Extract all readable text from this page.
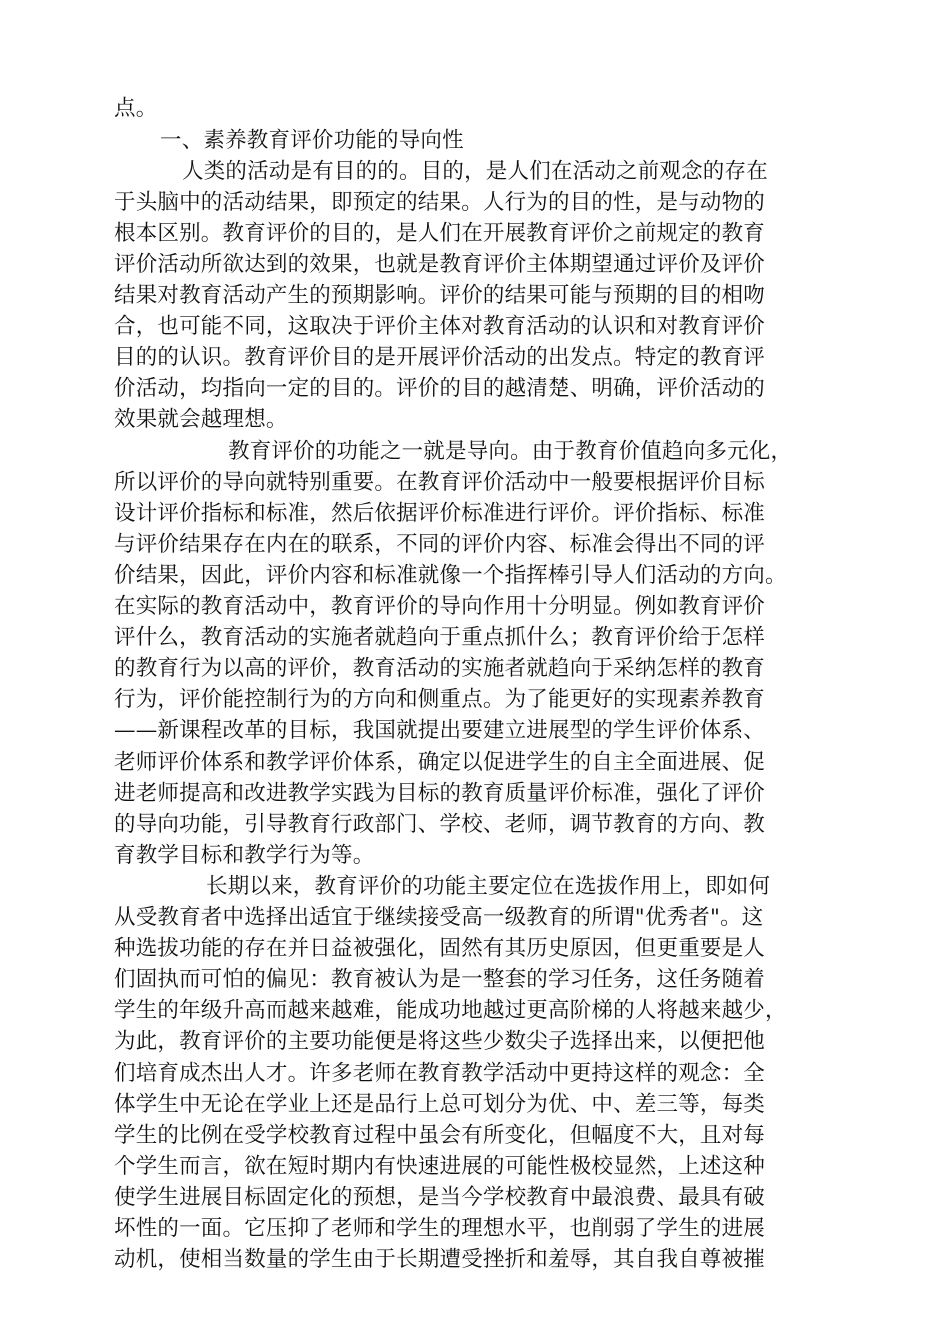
点。
一、素养教育评价功能的导向性
人类的活动是有目的的。目的，是人们在活动之前观念的存在
于头脑中的活动结果，即预定的结果。人行为的目的性，是与动物的
根本区别。教育评价的目的，是人们在开展教育评价之前规定的教育
评价活动所欲达到的效果，也就是教育评价主体期望通过评价及评价
结果对教育活动产生的预期影响。评价的结果可能与预期的目的相吻
合，也可能不同，这取决于评价主体对教育活动的认识和对教育评价
目的的认识。教育评价目的是开展评价活动的出发点。特定的教育评
价活动，均指向一定的目的。评价的目的越清楚、明确，评价活动的
效果就会越理想。
教育评价的功能之一就是导向。由于教育价值趋向多元化，
所以评价的导向就特别重要。在教育评价活动中一般要根据评价目标
设计评价指标和标准，然后依据评价标准进行评价。评价指标、标准
与评价结果存在内在的联系，不同的评价内容、标准会得出不同的评
价结果，因此，评价内容和标准就像一个指挥棒引导人们活动的方向。
在实际的教育活动中，教育评价的导向作用十分明显。例如教育评价
评什么，教育活动的实施者就趋向于重点抓什么；教育评价给于怎样
的教育行为以高的评价，教育活动的实施者就趋向于采纳怎样的教育
行为，评价能控制行为的方向和侧重点。为了能更好的实现素养教育
——新课程改革的目标，我国就提出要建立进展型的学生评价体系、
老师评价体系和教学评价体系，确定以促进学生的自主全面进展、促
进老师提高和改进教学实践为目标的教育质量评价标准，强化了评价
的导向功能，引导教育行政部门、学校、老师，调节教育的方向、教
育教学目标和教学行为等。
长期以来，教育评价的功能主要定位在选拔作用上，即如何
从受教育者中选择出适宜于继续接受高一级教育的所谓"优秀者"。这
种选拔功能的存在并日益被强化，固然有其历史原因，但更重要是人
们固执而可怕的偏见：教育被认为是一整套的学习任务，这任务随着
学生的年级升高而越来越难，能成功地越过更高阶梯的人将越来越少，
为此，教育评价的主要功能便是将这些少数尖子选择出来，以便把他
们培育成杰出人才。许多老师在教育教学活动中更持这样的观念：全
体学生中无论在学业上还是品行上总可划分为优、中、差三等，每类
学生的比例在受学校教育过程中虽会有所变化，但幅度不大，且对每
个学生而言，欲在短时期内有快速进展的可能性极校显然，上述这种
使学生进展目标固定化的预想，是当今学校教育中最浪费、最具有破
坏性的一面。它压抑了老师和学生的理想水平，也削弱了学生的进展
动机，使相当数量的学生由于长期遭受挫折和羞辱，其自我自尊被摧
